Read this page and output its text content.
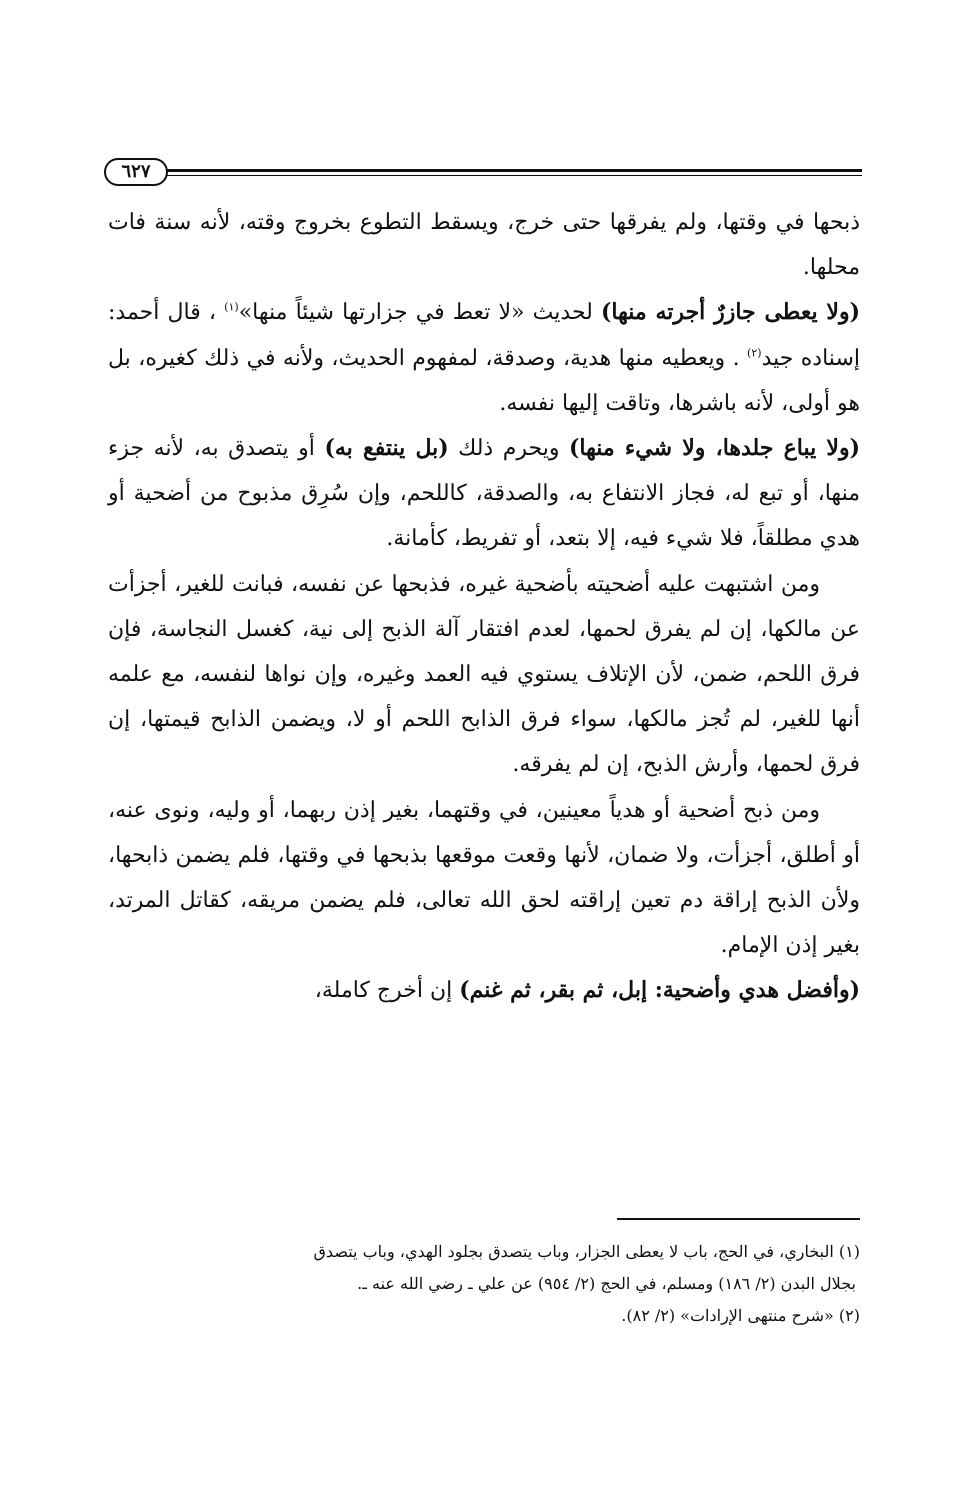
٦٢٧

ذبحها في وقتها، ولم يفرقها حتى خرج، ويسقط التطوع بخروج وقته، لأنه سنة فات محلها.

(ولا يعطى جازرٌ أجرته منها) لحديث «لا تعط في جزارتها شيئاً منها»$^{(١)}$ ، قال أحمد: إسناده جيد$^{(٢)}$ . ويعطيه منها هدية، وصدقة، لمفهوم الحديث، ولأنه في ذلك كغيره، بل هو أولى، لأنه باشرها، وتاقت إليها نفسه.

(ولا يباع جلدها، ولا شيء منها) ويحرم ذلك (بل ينتفع به) أو يتصدق به، لأنه جزء منها، أو تبع له، فجاز الانتفاع به، والصدقة، كاللحم، وإن سُرِق مذبوح من أضحية أو هدي مطلقاً، فلا شيء فيه، إلا بتعد، أو تفريط، كأمانة.

ومن اشتبهت عليه أضحيته بأضحية غيره، فذبحها عن نفسه، فبانت للغير، أجزأت عن مالكها، إن لم يفرق لحمها، لعدم افتقار آلة الذبح إلى نية، كغسل النجاسة، فإن فرق اللحم، ضمن، لأن الإتلاف يستوي فيه العمد وغيره، وإن نواها لنفسه، مع علمه أنها للغير، لم تُجز مالكها، سواء فرق الذابح اللحم أو لا، ويضمن الذابح قيمتها، إن فرق لحمها، وأرش الذبح، إن لم يفرقه.

ومن ذبح أضحية أو هدياً معينين، في وقتهما، بغير إذن ربهما، أو وليه، ونوى عنه، أو أطلق، أجزأت، ولا ضمان، لأنها وقعت موقعها بذبحها في وقتها، فلم يضمن ذابحها، ولأن الذبح إراقة دم تعين إراقته لحق الله تعالى، فلم يضمن مريقه، كقاتل المرتد، بغير إذن الإمام.

(وأفضل هدي وأضحية: إبل، ثم بقر، ثم غنم) إن أخرج كاملة،

(١) البخاري، في الحج، باب لا يعطى الجزار، وباب يتصدق بجلود الهدي، وباب يتصدق

بجلال البدن (٢/ ١٨٦) ومسلم، في الحج (٢/ ٩٥٤) عن علي ـ رضي الله عنه ـ.

(٢) «شرح منتهى الإرادات» (٢/ ٨٢).
